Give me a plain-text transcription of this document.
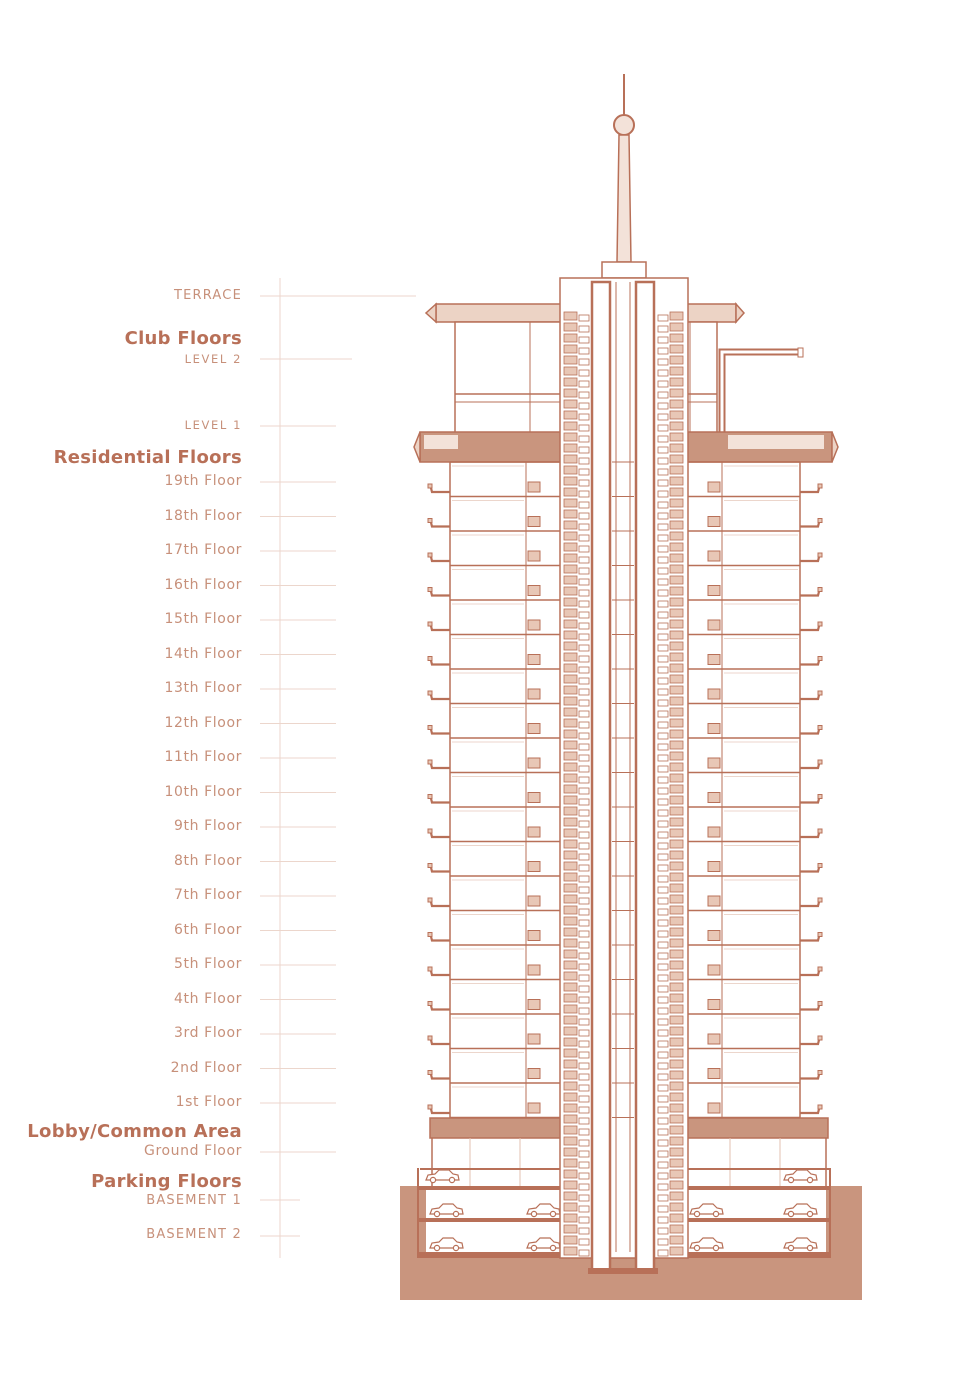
TERRACE
Club Floors
LEVEL 2
LEVEL 1
Residential Floors
19th Floor
18th Floor
17th Floor
16th Floor
15th Floor
14th Floor
13th Floor
12th Floor
11th Floor
10th Floor
9th Floor
8th Floor
7th Floor
6th Floor
5th Floor
4th Floor
3rd Floor
2nd Floor
1st Floor
Lobby/Common Area
Ground Floor
Parking Floors
BASEMENT 1
BASEMENT 2
